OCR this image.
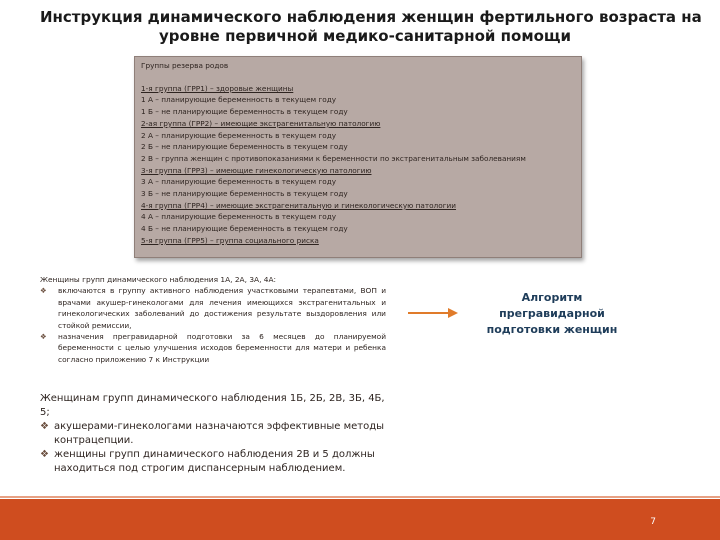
Инструкция динамического наблюдения женщин фертильного возраста на
уровне первичной медико-санитарной помощи
Группы резерва родов
1-я группа (ГРР1) – здоровые женщины
1 А – планирующие беременность в текущем году
1 Б – не планирующие беременность в текущем году
2-ая группа (ГРР2) – имеющие экстрагенитальную патологию
2 А – планирующие беременность в текущем году
2 Б – не планирующие беременность в текущем году
2 В – группа женщин с противопоказаниями к беременности по экстрагенитальным заболеваниям
3-я группа (ГРР3) – имеющие гинекологическую патологию
3 А – планирующие беременность в текущем году
3 Б – не планирующие беременность в текущем году
4-я группа (ГРР4) – имеющие экстрагенитальную и гинекологическую патологии
4 А – планирующие беременность в текущем году
4 Б – не планирующие беременность в текущем году
5-я группа (ГРР5) – группа социального риска
Женщины групп динамического наблюдения 1А, 2А, 3А, 4А:
❖ включаются в группу активного наблюдения участковыми терапевтами, ВОП и врачами акушер-гинекологами для лечения имеющихся экстрагенитальных и гинекологических заболеваний до достижения результате выздоровления или стойкой ремиссии,
❖ назначения прегравидарной подготовки за 6 месяцев до планируемой беременности с целью улучшения исходов беременности для матери и ребенка согласно приложению 7 к Инструкции
Алгоритм прегравидарной
подготовки женщин
Женщинам групп динамического наблюдения 1Б, 2Б, 2В, 3Б, 4Б, 5;
❖ акушерами-гинекологами назначаются эффективные методы контрацепции.
❖ женщины групп динамического наблюдения 2В и 5 должны находиться под строгим диспансерным наблюдением.
7
